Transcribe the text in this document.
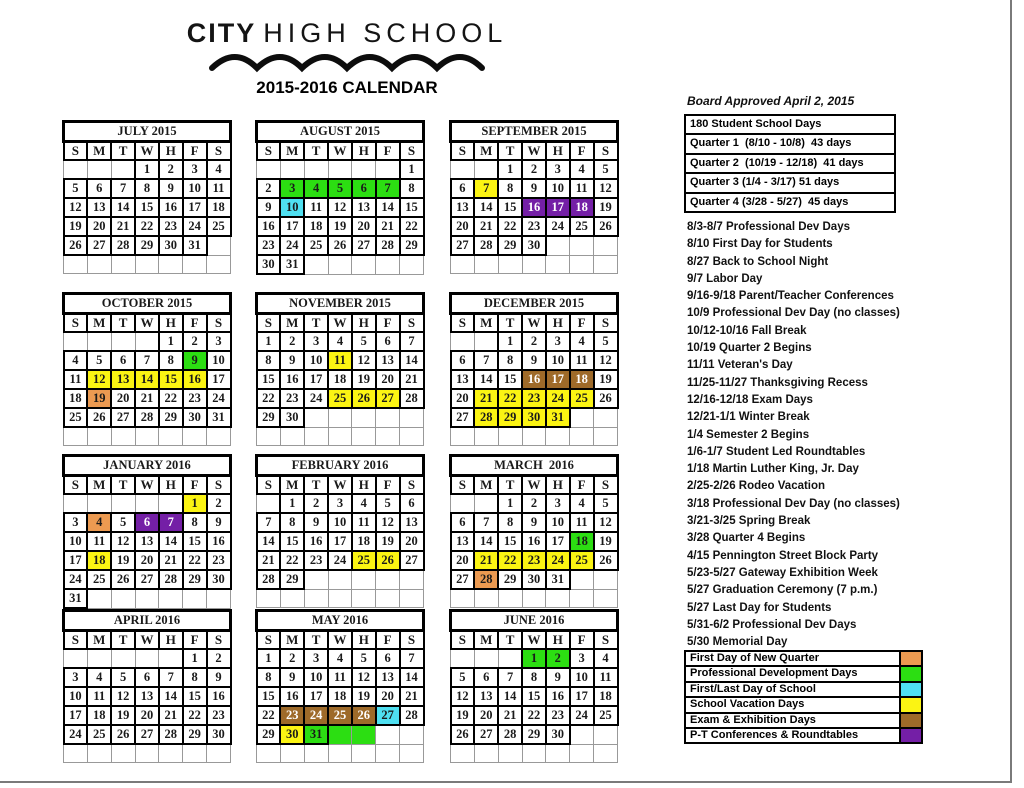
CITY HIGH SCHOOL
2015-2016 CALENDAR
JULY 2015						
S	M	T	W	H	F	S
			1	2	3	4
5	6	7	8	9	10	11
12	13	14	15	16	17	18
19	20	21	22	23	24	25
26	27	28	29	30	31	

AUGUST 2015						
S	M	T	W	H	F	S
						1
2	3	4	5	6	7	8
9	10	11	12	13	14	15
16	17	18	19	20	21	22
23	24	25	26	27	28	29
30	31					
SEPTEMBER 2015						
S	M	T	W	H	F	S
		1	2	3	4	5
6	7	8	9	10	11	12
13	14	15	16	17	18	19
20	21	22	23	24	25	26
27	28	29	30			

OCTOBER 2015						
S	M	T	W	H	F	S
				1	2	3
4	5	6	7	8	9	10
11	12	13	14	15	16	17
18	19	20	21	22	23	24
25	26	27	28	29	30	31

NOVEMBER 2015						
S	M	T	W	H	F	S
1	2	3	4	5	6	7
8	9	10	11	12	13	14
15	16	17	18	19	20	21
22	23	24	25	26	27	28
29	30					

DECEMBER 2015						
S	M	T	W	H	F	S
		1	2	3	4	5
6	7	8	9	10	11	12
13	14	15	16	17	18	19
20	21	22	23	24	25	26
27	28	29	30	31		

JANUARY 2016						
S	M	T	W	H	F	S
					1	2
3	4	5	6	7	8	9
10	11	12	13	14	15	16
17	18	19	20	21	22	23
24	25	26	27	28	29	30
31						
FEBRUARY 2016						
S	M	T	W	H	F	S
	1	2	3	4	5	6
7	8	9	10	11	12	13
14	15	16	17	18	19	20
21	22	23	24	25	26	27
28	29					

MARCH  2016						
S	M	T	W	H	F	S
		1	2	3	4	5
6	7	8	9	10	11	12
13	14	15	16	17	18	19
20	21	22	23	24	25	26
27	28	29	30	31		

APRIL 2016						
S	M	T	W	H	F	S
					1	2
3	4	5	6	7	8	9
10	11	12	13	14	15	16
17	18	19	20	21	22	23
24	25	26	27	28	29	30

MAY 2016						
S	M	T	W	H	F	S
1	2	3	4	5	6	7
8	9	10	11	12	13	14
15	16	17	18	19	20	21
22	23	24	25	26	27	28
29	30	31				

JUNE 2016						
S	M	T	W	H	F	S
			1	2	3	4
5	6	7	8	9	10	11
12	13	14	15	16	17	18
19	20	21	22	23	24	25
26	27	28	29	30		

Board Approved April 2, 2015
180 Student School Days
Quarter 1  (8/10 - 10/8)  43 days
Quarter 2  (10/19 - 12/18)  41 days
Quarter 3 (1/4 - 3/17) 51 days
Quarter 4 (3/28 - 5/27)  45 days
8/3-8/7 Professional Dev Days
8/10 First Day for Students
8/27 Back to School Night
9/7 Labor Day
9/16-9/18 Parent/Teacher Conferences
10/9 Professional Dev Day (no classes)
10/12-10/16 Fall Break
10/19 Quarter 2 Begins
11/11 Veteran's Day
11/25-11/27 Thanksgiving Recess
12/16-12/18 Exam Days
12/21-1/1 Winter Break
1/4 Semester 2 Begins
1/6-1/7 Student Led Roundtables
1/18 Martin Luther King, Jr. Day
2/25-2/26 Rodeo Vacation
3/18 Professional Dev Day (no classes)
3/21-3/25 Spring Break
3/28 Quarter 4 Begins
4/15 Pennington Street Block Party
5/23-5/27 Gateway Exhibition Week
5/27 Graduation Ceremony (7 p.m.)
5/27 Last Day for Students
5/31-6/2 Professional Dev Days
5/30 Memorial Day
First Day of New Quarter
Professional Development Days
First/Last Day of School
School Vacation Days
Exam & Exhibition Days
P-T Conferences & Roundtables
